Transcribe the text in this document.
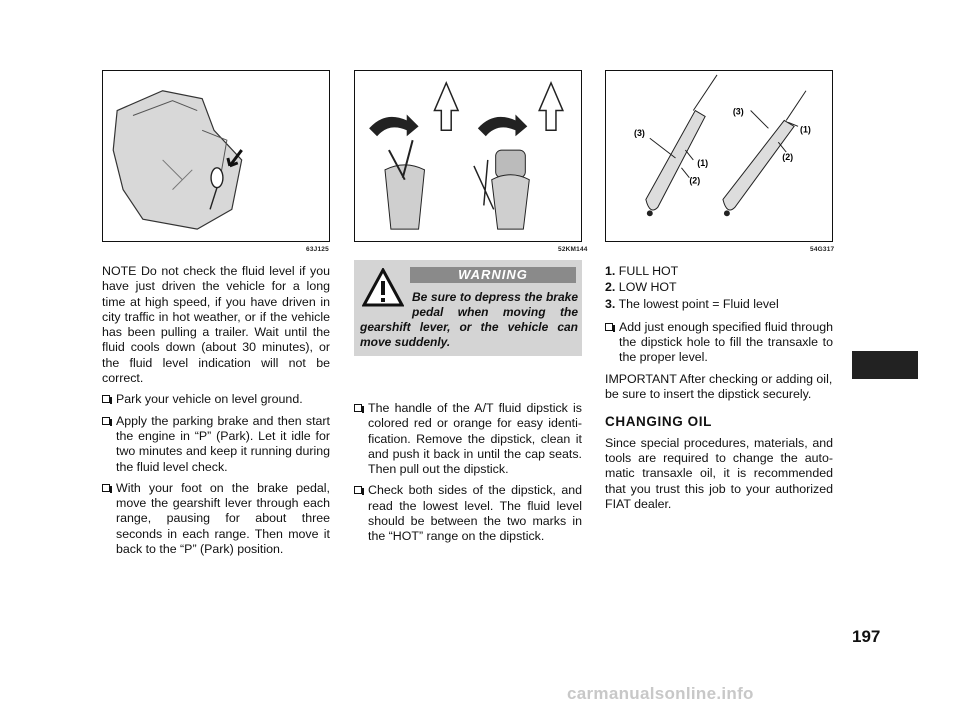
63J125	52KM144
(3)
(1)
(2)
(3)
(1)
(2)
54G317

NOTE Do not check the fluid level if you have just driven the vehicle for a long time at high speed, if you have driven in city traffic in hot weather, or if the vehicle has been pulling a trailer. Wait until the fluid cools down (about 30 minutes), or the fluid level indication will not be correct.

Park your vehicle on level ground.
Apply the parking brake and then start the engine in “P” (Park). Let it idle for two minutes and keep it running during the fluid level check.
With your foot on the brake pedal, move the gearshift lever through each range, pausing for about three seconds in each range. Then move it back to the “P” (Park) position.
WARNING
Be sure to depress the brake pedal when moving the gearshift lever, or the vehicle can move suddenly.
The handle of the A/T fluid dipstick is colored red or orange for easy identi-fication. Remove the dipstick, clean it and push it back in until the cap seats. Then pull out the dipstick.
Check both sides of the dipstick, and read the lowest level. The fluid level should be between the two marks in the “HOT” range on the dipstick.
1. FULL HOT
2. LOW HOT
3. The lowest point = Fluid level
Add just enough specified fluid through the dipstick hole to fill the transaxle to the proper level.

IMPORTANT After checking or adding oil, be sure to insert the dipstick securely.

CHANGING OIL

Since special procedures, materials, and tools are required to change the auto-matic transaxle oil, it is recommended that you trust this job to your authorized FIAT dealer.

197
carmanualsonline.info
